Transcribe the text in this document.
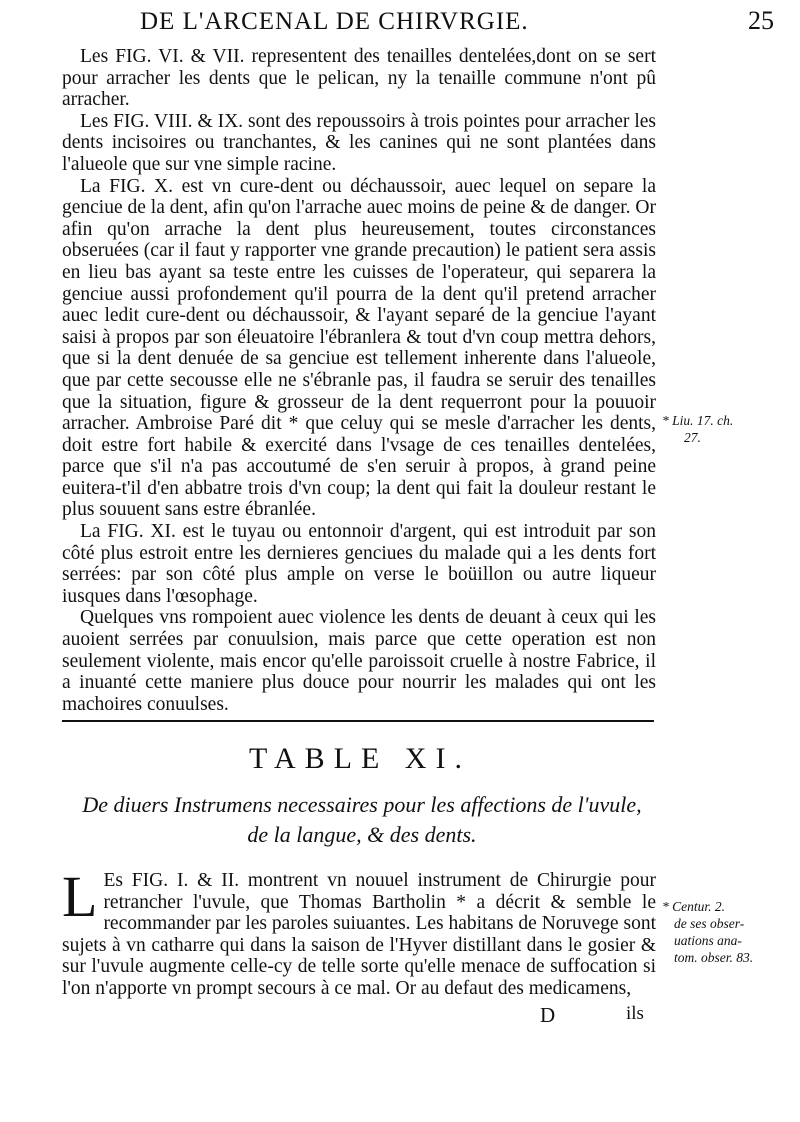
DE L'ARCENAL DE CHIRVRGIE.	25

Les FIG. VI. & VII. representent des tenailles dentelées,dont on se sert pour arracher les dents que le pelican, ny la tenaille commune n'ont pû arracher.

Les FIG. VIII. & IX. sont des repoussoirs à trois pointes pour arracher les dents incisoires ou tranchantes, & les canines qui ne sont plantées dans l'alueole que sur vne simple racine.

La FIG. X. est vn cure-dent ou déchaussoir, auec lequel on separe la genciue de la dent, afin qu'on l'arrache auec moins de peine & de danger. Or afin qu'on arrache la dent plus heureusement, toutes circonstances obseruées (car il faut y rapporter vne grande precaution) le patient sera assis en lieu bas ayant sa teste entre les cuisses de l'operateur, qui separera la genciue aussi profondement qu'il pourra de la dent qu'il pretend arracher auec ledit cure-dent ou déchaussoir, & l'ayant separé de la genciue l'ayant saisi à propos par son éleuatoire l'ébranlera & tout d'vn coup mettra dehors, que si la dent denuée de sa genciue est tellement inherente dans l'alueole, que par cette secousse elle ne s'ébranle pas, il faudra se seruir des tenailles que la situation, figure & grosseur de la dent requerront pour la pouuoir arracher. Ambroise Paré dit * que celuy qui se mesle d'arracher les dents, doit estre fort habile & exercité dans l'vsage de ces tenailles dentelées, parce que s'il n'a pas accoutumé de s'en seruir à propos, à grand peine euitera-t'il d'en abbatre trois d'vn coup; la dent qui fait la douleur restant le plus souuent sans estre ébranlée.

La FIG. XI. est le tuyau ou entonnoir d'argent, qui est introduit par son côté plus estroit entre les dernieres genciues du malade qui a les dents fort serrées: par son côté plus ample on verse le boüillon ou autre liqueur iusques dans l'œsophage.

Quelques vns rompoient auec violence les dents de deuant à ceux qui les auoient serrées par conuulsion, mais parce que cette operation est non seulement violente, mais encor qu'elle paroissoit cruelle à nostre Fabrice, il a inuanté cette maniere plus douce pour nourrir les malades qui ont les machoires conuulses.

* Liu. 17. ch.
27.
TABLE XI.
De diuers Instrumens necessaires pour les affections de l'uvule,
de la langue, & des dents.
L Es FIG. I. & II. montrent vn nouuel instrument de Chirurgie pour retrancher l'uvule, que Thomas Bartholin * a décrit & semble le recommander par les paroles suiuantes. Les habitans de Noruvege sont sujets à vn catharre qui dans la saison de l'Hyver distillant dans le gosier & sur l'uvule augmente celle-cy de telle sorte qu'elle menace de suffocation si l'on n'apporte vn prompt secours à ce mal. Or au defaut des medicamens,
* Centur. 2.
de ses obser-
uations ana-
tom. obser. 83.
D	ils
